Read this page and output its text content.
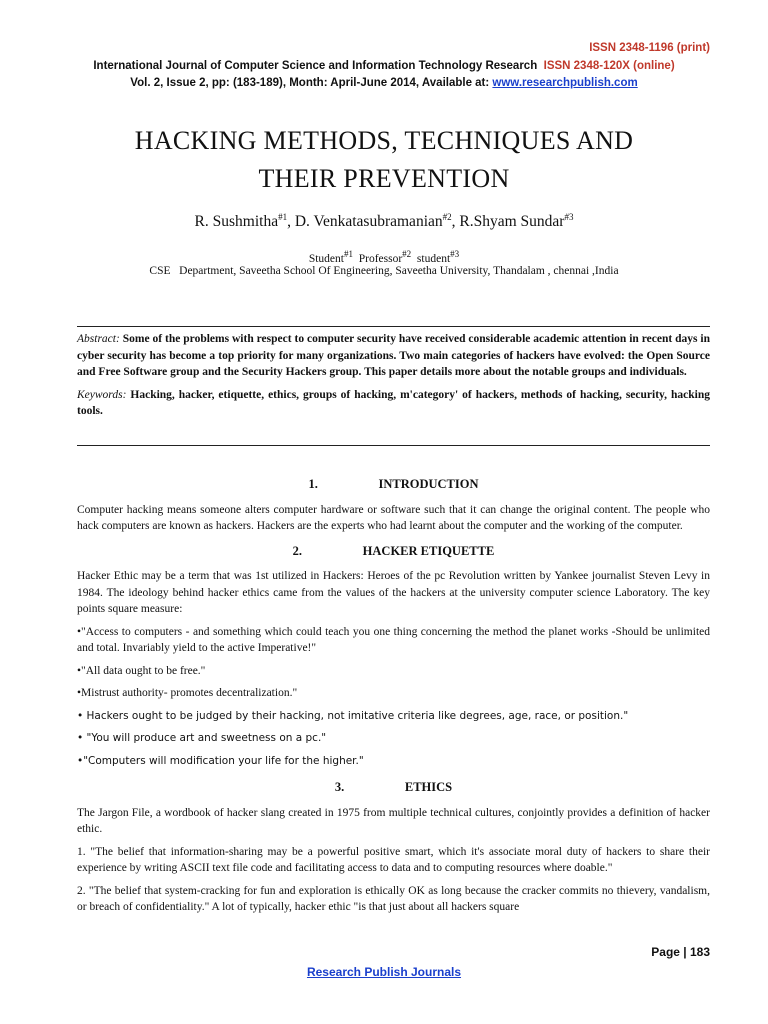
ISSN 2348-1196 (print)
International Journal of Computer Science and Information Technology Research ISSN 2348-120X (online)
Vol. 2, Issue 2, pp: (183-189), Month: April-June 2014, Available at: www.researchpublish.com
HACKING METHODS, TECHNIQUES AND
THEIR PREVENTION
R. Sushmitha$^{\#1}$, D. Venkatasubramanian$^{\#2}$, R.Shyam Sundar$^{\#3}$
Student$^{\#1}$ Professor$^{\#2}$ student$^{\#3}$
CSE   Department, Saveetha School Of Engineering, Saveetha University, Thandalam , chennai ,India

Abstract: Some of the problems with respect to computer security have received considerable academic attention in recent days in cyber security has become a top priority for many organizations. Two main categories of hackers have evolved: the Open Source and Free Software group and the Security Hackers group. This paper details more about the notable groups and individuals.

Keywords: Hacking, hacker, etiquette, ethics, groups of hacking, m'category' of hackers, methods of hacking, security, hacking tools.

1.	INTRODUCTION

Computer hacking means someone alters computer hardware or software such that it can change the original content. The people who hack computers are known as hackers. Hackers are the experts who had learnt about the computer and the working of the computer.

2.	HACKER ETIQUETTE

Hacker Ethic may be a term that was 1st utilized in Hackers: Heroes of the pc Revolution written by Yankee journalist Steven Levy in 1984. The ideology behind hacker ethics came from the values of the hackers at the university computer science Laboratory. The key points square measure:

•"Access to computers - and something which could teach you one thing concerning the method the planet works -Should be unlimited and total. Invariably yield to the active Imperative!"

•"All data ought to be free."

•Mistrust authority- promotes decentralization."

• Hackers ought to be judged by their hacking, not imitative criteria like degrees, age, race, or position."

• "You will produce art and sweetness on a pc."

•"Computers will modification your life for the higher."

3.	ETHICS

The Jargon File, a wordbook of hacker slang created in 1975 from multiple technical cultures, conjointly provides a definition of hacker ethic.

1. "The belief that information-sharing may be a powerful positive smart, which it's associate moral duty of hackers to share their experience by writing ASCII text file code and facilitating access to data and to computing resources where doable."

2. "The belief that system-cracking for fun and exploration is ethically OK as long because the cracker commits no thievery, vandalism, or breach of confidentiality." A lot of typically, hacker ethic "is that just about all hackers square

Page | 183
Research Publish Journals
